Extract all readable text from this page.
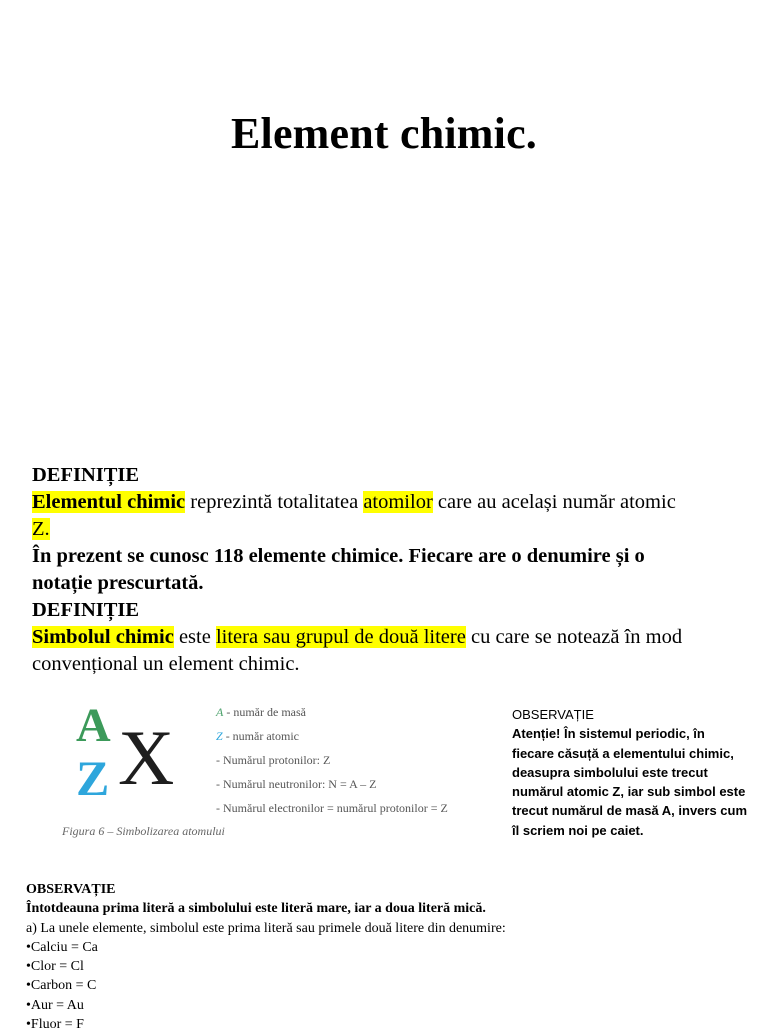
Element chimic.
DEFINIȚIE
Elementul chimic reprezintă totalitatea atomilor care au același număr atomic
Z.
În prezent se cunosc 118 elemente chimice. Fiecare are o denumire și o
notație prescurtată.
DEFINIȚIE
Simbolul chimic este litera sau grupul de două litere cu care se notează în mod
convențional un element chimic.
A
Z X
A - număr de masă
Z - număr atomic
- Numărul protonilor: Z
- Numărul neutronilor: N = A – Z
- Numărul electronilor = numărul protonilor = Z
Figura 6 – Simbolizarea atomului
OBSERVAȚIE
Atenție! În sistemul periodic, în
fiecare căsuță a elementului chimic,
deasupra simbolului este trecut
numărul atomic Z, iar sub simbol este
trecut numărul de masă A, invers cum
îl scriem noi pe caiet.
OBSERVAȚIE
Întotdeauna prima literă a simbolului este literă mare, iar a doua literă mică.
a) La unele elemente, simbolul este prima literă sau primele două litere din denumire:
•Calciu = Ca
•Clor = Cl
•Carbon = C
•Aur = Au
•Fluor = F
